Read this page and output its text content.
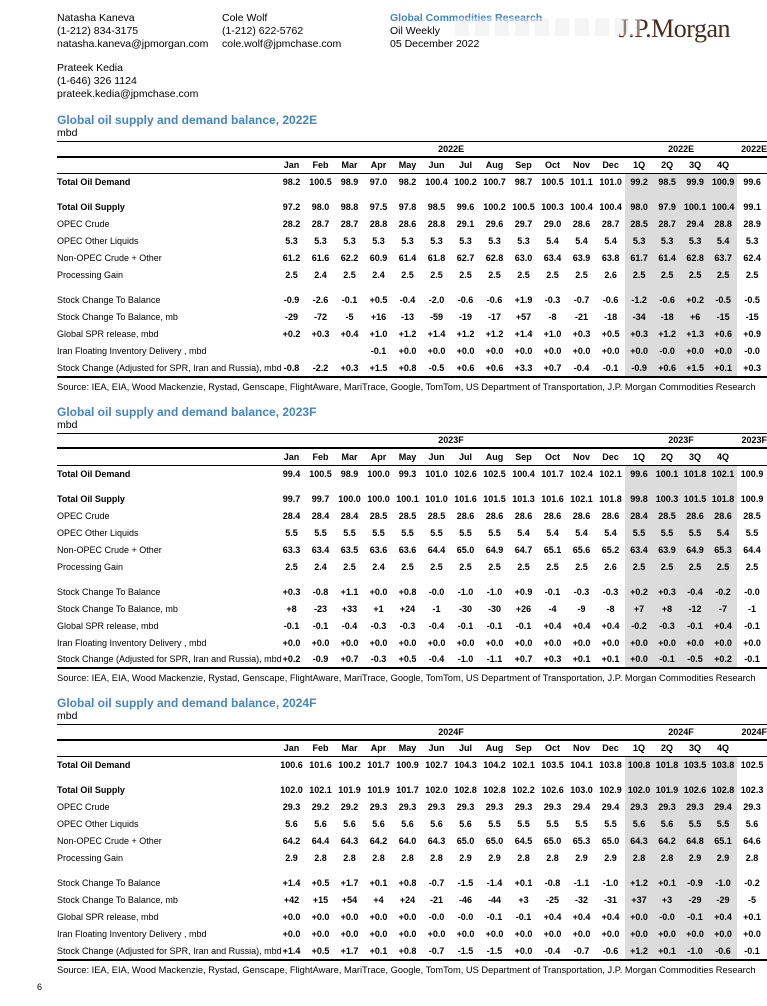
Natasha Kaneva
(1-212) 834-3175
natasha.kaneva@jpmorgan.com
Prateek Kedia
(1-646) 326 1124
prateek.kedia@jpmchase.com
Cole Wolf
(1-212) 622-5762
cole.wolf@jpmchase.com
Global Commodities Research
Oil Weekly
05 December 2022
J.P.Morgan
Global oil supply and demand balance, 2022E
mbd
	2022E												2022E				2022E
	Jan	Feb	Mar	Apr	May	Jun	Jul	Aug	Sep	Oct	Nov	Dec	1Q	2Q	3Q	4Q	
Total Oil Demand	98.2	100.5	98.9	97.0	98.2	100.4	100.2	100.7	98.7	100.5	101.1	101.0	99.2	98.5	99.9	100.9	99.6

Total Oil Supply	97.2	98.0	98.8	97.5	97.8	98.5	99.6	100.2	100.5	100.3	100.4	100.4	98.0	97.9	100.1	100.4	99.1
OPEC Crude	28.2	28.7	28.7	28.8	28.6	28.8	29.1	29.6	29.7	29.0	28.6	28.7	28.5	28.7	29.4	28.8	28.9
OPEC Other Liquids	5.3	5.3	5.3	5.3	5.3	5.3	5.3	5.3	5.3	5.4	5.4	5.4	5.3	5.3	5.3	5.4	5.3
Non-OPEC Crude + Other	61.2	61.6	62.2	60.9	61.4	61.8	62.7	62.8	63.0	63.4	63.9	63.8	61.7	61.4	62.8	63.7	62.4
Processing Gain	2.5	2.4	2.5	2.4	2.5	2.5	2.5	2.5	2.5	2.5	2.5	2.6	2.5	2.5	2.5	2.5	2.5

Stock Change To Balance	-0.9	-2.6	-0.1	+0.5	-0.4	-2.0	-0.6	-0.6	+1.9	-0.3	-0.7	-0.6	-1.2	-0.6	+0.2	-0.5	-0.5
Stock Change To Balance, mb	-29	-72	-5	+16	-13	-59	-19	-17	+57	-8	-21	-18	-34	-18	+6	-15	-15
Global SPR release, mbd	+0.2	+0.3	+0.4	+1.0	+1.2	+1.4	+1.2	+1.2	+1.4	+1.0	+0.3	+0.5	+0.3	+1.2	+1.3	+0.6	+0.9
Iran Floating Inventory Delivery , mbd				-0.1	+0.0	+0.0	+0.0	+0.0	+0.0	+0.0	+0.0	+0.0	+0.0	-0.0	+0.0	+0.0	-0.0
Stock Change (Adjusted for SPR, Iran and Russia), mbd	-0.8	-2.2	+0.3	+1.5	+0.8	-0.5	+0.6	+0.6	+3.3	+0.7	-0.4	-0.1	-0.9	+0.6	+1.5	+0.1	+0.3
Source: IEA, EIA, Wood Mackenzie, Rystad, Genscape, FlightAware, MariTrace, Google, TomTom, US Department of Transportation, J.P. Morgan Commodities Research
Global oil supply and demand balance, 2023F
mbd
	2023F												2023F				2023F
	Jan	Feb	Mar	Apr	May	Jun	Jul	Aug	Sep	Oct	Nov	Dec	1Q	2Q	3Q	4Q	
Total Oil Demand	99.4	100.5	98.9	100.0	99.3	101.0	102.6	102.5	100.4	101.7	102.4	102.1	99.6	100.1	101.8	102.1	100.9

Total Oil Supply	99.7	99.7	100.0	100.0	100.1	101.0	101.6	101.5	101.3	101.6	102.1	101.8	99.8	100.3	101.5	101.8	100.9
OPEC Crude	28.4	28.4	28.4	28.5	28.5	28.5	28.6	28.6	28.6	28.6	28.6	28.6	28.4	28.5	28.6	28.6	28.5
OPEC Other Liquids	5.5	5.5	5.5	5.5	5.5	5.5	5.5	5.5	5.4	5.4	5.4	5.4	5.5	5.5	5.5	5.4	5.5
Non-OPEC Crude + Other	63.3	63.4	63.5	63.6	63.6	64.4	65.0	64.9	64.7	65.1	65.6	65.2	63.4	63.9	64.9	65.3	64.4
Processing Gain	2.5	2.4	2.5	2.4	2.5	2.5	2.5	2.5	2.5	2.5	2.5	2.6	2.5	2.5	2.5	2.5	2.5

Stock Change To Balance	+0.3	-0.8	+1.1	+0.0	+0.8	-0.0	-1.0	-1.0	+0.9	-0.1	-0.3	-0.3	+0.2	+0.3	-0.4	-0.2	-0.0
Stock Change To Balance, mb	+8	-23	+33	+1	+24	-1	-30	-30	+26	-4	-9	-8	+7	+8	-12	-7	-1
Global SPR release, mbd	-0.1	-0.1	-0.4	-0.3	-0.3	-0.4	-0.1	-0.1	-0.1	+0.4	+0.4	+0.4	-0.2	-0.3	-0.1	+0.4	-0.1
Iran Floating Inventory Delivery , mbd	+0.0	+0.0	+0.0	+0.0	+0.0	+0.0	+0.0	+0.0	+0.0	+0.0	+0.0	+0.0	+0.0	+0.0	+0.0	+0.0	+0.0
Stock Change (Adjusted for SPR, Iran and Russia), mbd	+0.2	-0.9	+0.7	-0.3	+0.5	-0.4	-1.0	-1.1	+0.7	+0.3	+0.1	+0.1	+0.0	-0.1	-0.5	+0.2	-0.1
Source: IEA, EIA, Wood Mackenzie, Rystad, Genscape, FlightAware, MariTrace, Google, TomTom, US Department of Transportation, J.P. Morgan Commodities Research
Global oil supply and demand balance, 2024F
mbd
	2024F												2024F				2024F
	Jan	Feb	Mar	Apr	May	Jun	Jul	Aug	Sep	Oct	Nov	Dec	1Q	2Q	3Q	4Q	
Total Oil Demand	100.6	101.6	100.2	101.7	100.9	102.7	104.3	104.2	102.1	103.5	104.1	103.8	100.8	101.8	103.5	103.8	102.5

Total Oil Supply	102.0	102.1	101.9	101.9	101.7	102.0	102.8	102.8	102.2	102.6	103.0	102.9	102.0	101.9	102.6	102.8	102.3
OPEC Crude	29.3	29.2	29.2	29.3	29.3	29.3	29.3	29.3	29.3	29.3	29.4	29.4	29.3	29.3	29.3	29.4	29.3
OPEC Other Liquids	5.6	5.6	5.6	5.6	5.6	5.6	5.6	5.5	5.5	5.5	5.5	5.5	5.6	5.6	5.5	5.5	5.6
Non-OPEC Crude + Other	64.2	64.4	64.3	64.2	64.0	64.3	65.0	65.0	64.5	65.0	65.3	65.0	64.3	64.2	64.8	65.1	64.6
Processing Gain	2.9	2.8	2.8	2.8	2.8	2.8	2.9	2.9	2.8	2.8	2.9	2.9	2.8	2.8	2.9	2.9	2.8

Stock Change To Balance	+1.4	+0.5	+1.7	+0.1	+0.8	-0.7	-1.5	-1.4	+0.1	-0.8	-1.1	-1.0	+1.2	+0.1	-0.9	-1.0	-0.2
Stock Change To Balance, mb	+42	+15	+54	+4	+24	-21	-46	-44	+3	-25	-32	-31	+37	+3	-29	-29	-5
Global SPR release, mbd	+0.0	+0.0	+0.0	+0.0	+0.0	-0.0	-0.0	-0.1	-0.1	+0.4	+0.4	+0.4	+0.0	-0.0	-0.1	+0.4	+0.1
Iran Floating Inventory Delivery , mbd	+0.0	+0.0	+0.0	+0.0	+0.0	+0.0	+0.0	+0.0	+0.0	+0.0	+0.0	+0.0	+0.0	+0.0	+0.0	+0.0	+0.0
Stock Change (Adjusted for SPR, Iran and Russia), mbd	+1.4	+0.5	+1.7	+0.1	+0.8	-0.7	-1.5	-1.5	+0.0	-0.4	-0.7	-0.6	+1.2	+0.1	-1.0	-0.6	-0.1
Source: IEA, EIA, Wood Mackenzie, Rystad, Genscape, FlightAware, MariTrace, Google, TomTom, US Department of Transportation, J.P. Morgan Commodities Research
6
